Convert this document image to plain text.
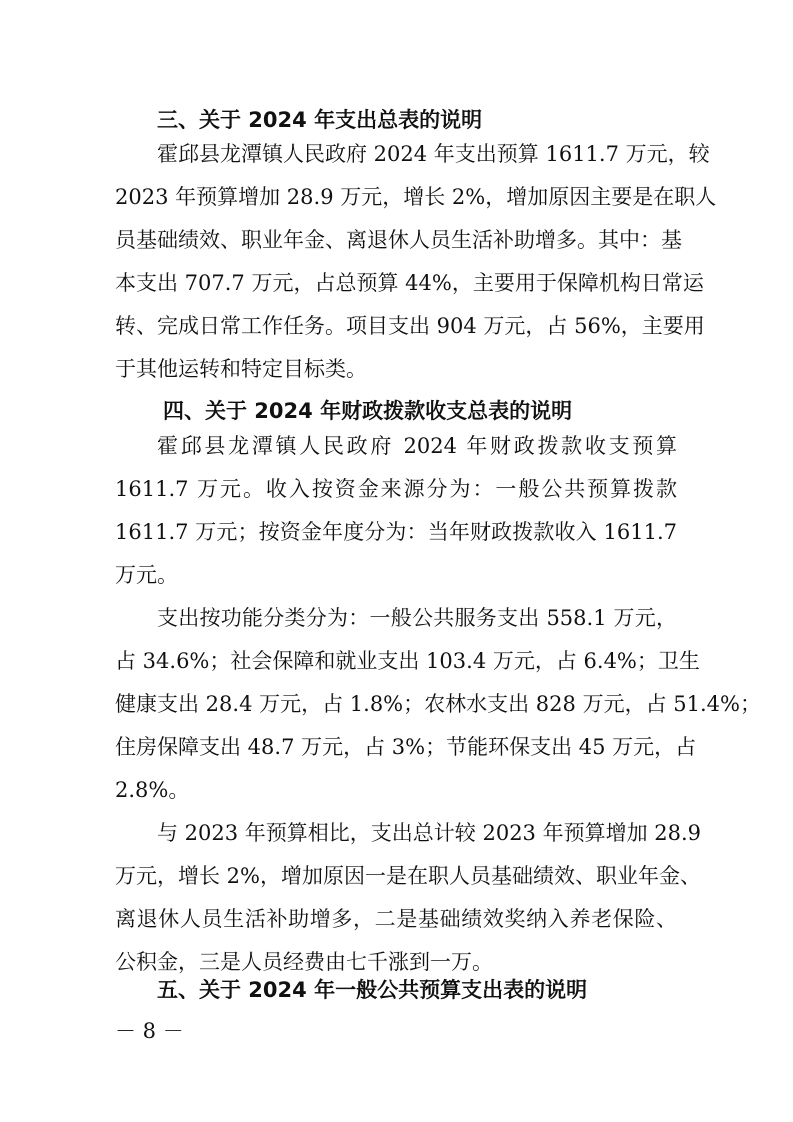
三、关于 2024 年支出总表的说明
霍邱县龙潭镇人民政府 2024 年支出预算 1611.7 万元，较
2023 年预算增加 28.9 万元，增长 2%，增加原因主要是在职人
员基础绩效、职业年金、离退休人员生活补助增多。其中：基
本支出 707.7 万元，占总预算 44%，主要用于保障机构日常运
转、完成日常工作任务。项目支出 904 万元，占 56%，主要用
于其他运转和特定目标类。
四、关于 2024 年财政拨款收支总表的说明
霍邱县龙潭镇人民政府 2024 年财政拨款收支预算
1611.7 万元。收入按资金来源分为：一般公共预算拨款
1611.7 万元；按资金年度分为：当年财政拨款收入 1611.7
万元。
支出按功能分类分为：一般公共服务支出 558.1 万元，
占 34.6%；社会保障和就业支出 103.4 万元，占 6.4%；卫生
健康支出 28.4 万元，占 1.8%；农林水支出 828 万元，占 51.4%；
住房保障支出 48.7 万元，占 3%；节能环保支出 45 万元，占
2.8%。
与 2023 年预算相比，支出总计较 2023 年预算增加 28.9
万元，增长 2%，增加原因一是在职人员基础绩效、职业年金、
离退休人员生活补助增多，二是基础绩效奖纳入养老保险、
公积金，三是人员经费由七千涨到一万。
五、关于 2024 年一般公共预算支出表的说明
－ 8 －
